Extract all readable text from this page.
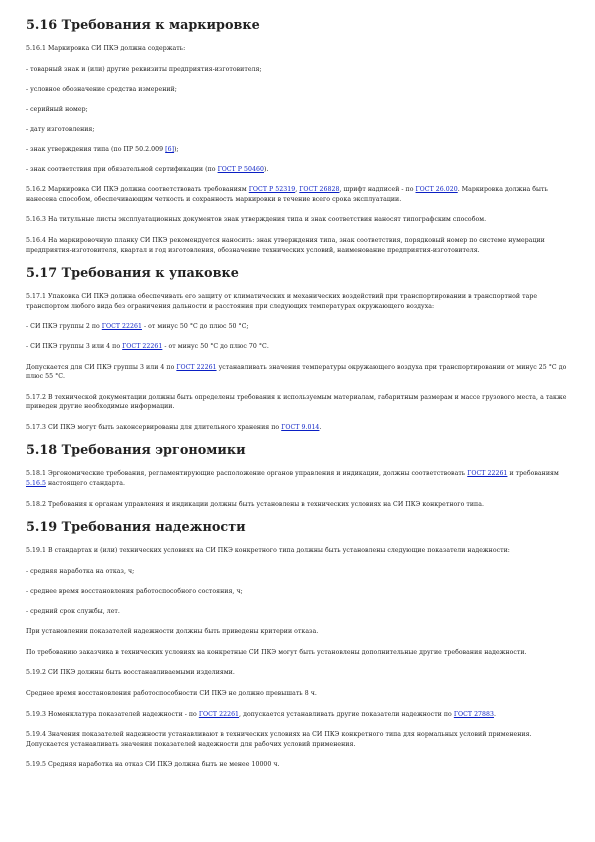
5.16 Требования к маркировке

5.16.1 Маркировка СИ ПКЭ должна содержать:

- товарный знак и (или) другие реквизиты предприятия-изготовителя;

- условное обозначение средства измерений;

- серийный номер;

- дату изготовления;

- знак утверждения типа (по ПР 50.2.009 [6]);

- знак соответствия при обязательной сертификации (по ГОСТ Р 50460).

5.16.2 Маркировка СИ ПКЭ должна соответствовать требованиям ГОСТ Р 52319, ГОСТ 26828, шрифт надписей - по ГОСТ 26.020. Маркировка должна быть нанесена способом, обеспечивающим четкость и сохранность маркировки в течение всего срока эксплуатации.

5.16.3 На титульные листы эксплуатационных документов знак утверждения типа и знак соответствия наносят типографским способом.

5.16.4 На маркировочную планку СИ ПКЭ рекомендуется наносить: знак утверждения типа, знак соответствия, порядковый номер по системе нумерации предприятия-изготовителя, квартал и год изготовления, обозначение технических условий, наименование предприятия-изготовителя.

5.17 Требования к упаковке

5.17.1 Упаковка СИ ПКЭ должна обеспечивать его защиту от климатических и механических воздействий при транспортировании в транспортной таре транспортом любого вида без ограничения дальности и расстояния при следующих температурах окружающего воздуха:

- СИ ПКЭ группы 2 по ГОСТ 22261 - от минус 50 °С до плюс 50 °С;

- СИ ПКЭ группы 3 или 4 по ГОСТ 22261 - от минус 50 °С до плюс 70 °С.

Допускается для СИ ПКЭ группы 3 или 4 по ГОСТ 22261 устанавливать значения температуры окружающего воздуха при транспортировании от минус 25 °С до плюс 55 °С.

5.17.2 В технической документации должны быть определены требования к используемым материалам, габаритным размерам и массе грузового места, а также приведен другие необходимые информации.

5.17.3 СИ ПКЭ могут быть законсервированы для длительного хранения по ГОСТ 9.014.

5.18 Требования эргономики

5.18.1 Эргономические требования, регламентирующие расположение органов управления и индикации, должны соответствовать ГОСТ 22261 и требованиям 5.16.5 настоящего стандарта.

5.18.2 Требования к органам управления и индикации должны быть установлены в технических условиях на СИ ПКЭ конкретного типа.

5.19 Требования надежности

5.19.1 В стандартах и (или) технических условиях на СИ ПКЭ конкретного типа должны быть установлены следующие показатели надежности:

- средняя наработка на отказ, ч;

- среднее время восстановления работоспособного состояния, ч;

- средний срок службы, лет.

При установлении показателей надежности должны быть приведены критерии отказа.

По требованию заказчика в технических условиях на конкретные СИ ПКЭ могут быть установлены дополнительные другие требования надежности.

5.19.2 СИ ПКЭ должны быть восстанавливаемыми изделиями.

Среднее время восстановления работоспособности СИ ПКЭ не должно превышать 8 ч.

5.19.3 Номенклатура показателей надежности - по ГОСТ 22261, допускается устанавливать другие показатели надежности по ГОСТ 27883.

5.19.4 Значения показателей надежности устанавливают в технических условиях на СИ ПКЭ конкретного типа для нормальных условий применения. Допускается устанавливать значения показателей надежности для рабочих условий применения.

5.19.5 Средняя наработка на отказ СИ ПКЭ должна быть не менее 10000 ч.
